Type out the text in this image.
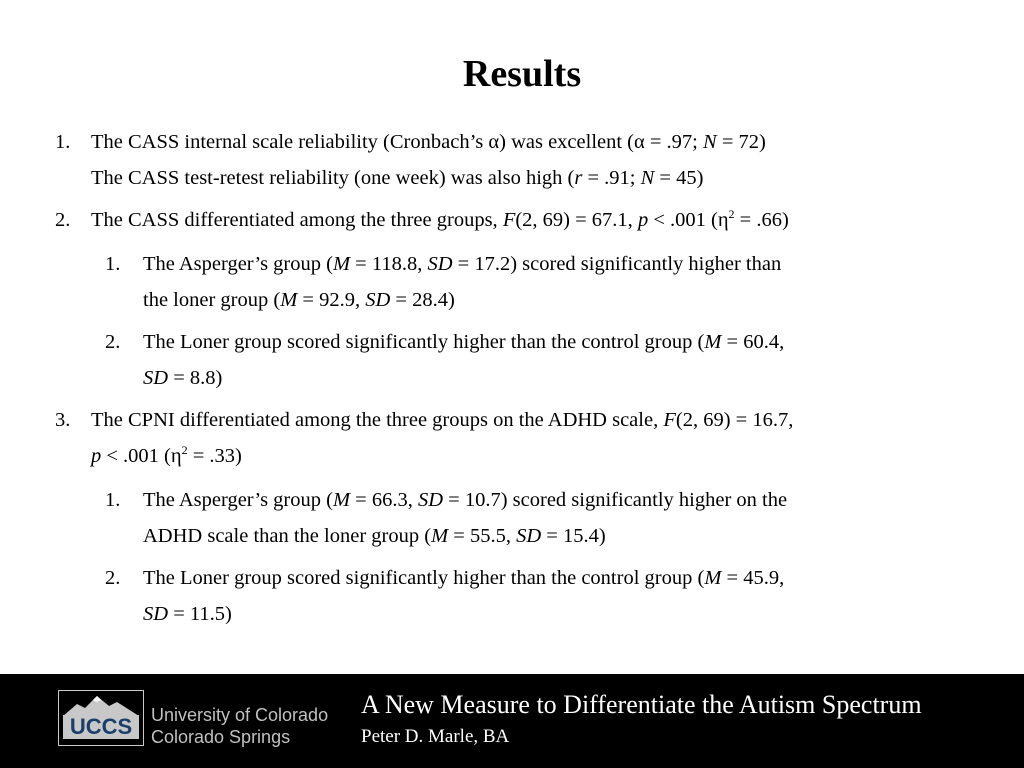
Results
1. The CASS internal scale reliability (Cronbach’s α) was excellent (α = .97; N = 72)
The CASS test-retest reliability (one week) was also high (r = .91; N = 45)
2. The CASS differentiated among the three groups, F(2, 69) = 67.1, p < .001 $(\eta^2 = .66)$
1. The Asperger’s group (M = 118.8, SD = 17.2) scored significantly higher than
the loner group (M = 92.9, SD = 28.4)
2. The Loner group scored significantly higher than the control group (M = 60.4,
SD = 8.8)
3. The CPNI differentiated among the three groups on the ADHD scale, F(2, 69) = 16.7,
p < .001 $(\eta^2 = .33)$
1. The Asperger’s group (M = 66.3, SD = 10.7) scored significantly higher on the
ADHD scale than the loner group (M = 55.5, SD = 15.4)
2. The Loner group scored significantly higher than the control group (M = 45.9,
SD = 11.5)
UCCS	University of Colorado
Colorado Springs
A New Measure to Differentiate the Autism Spectrum
Peter D. Marle, BA
